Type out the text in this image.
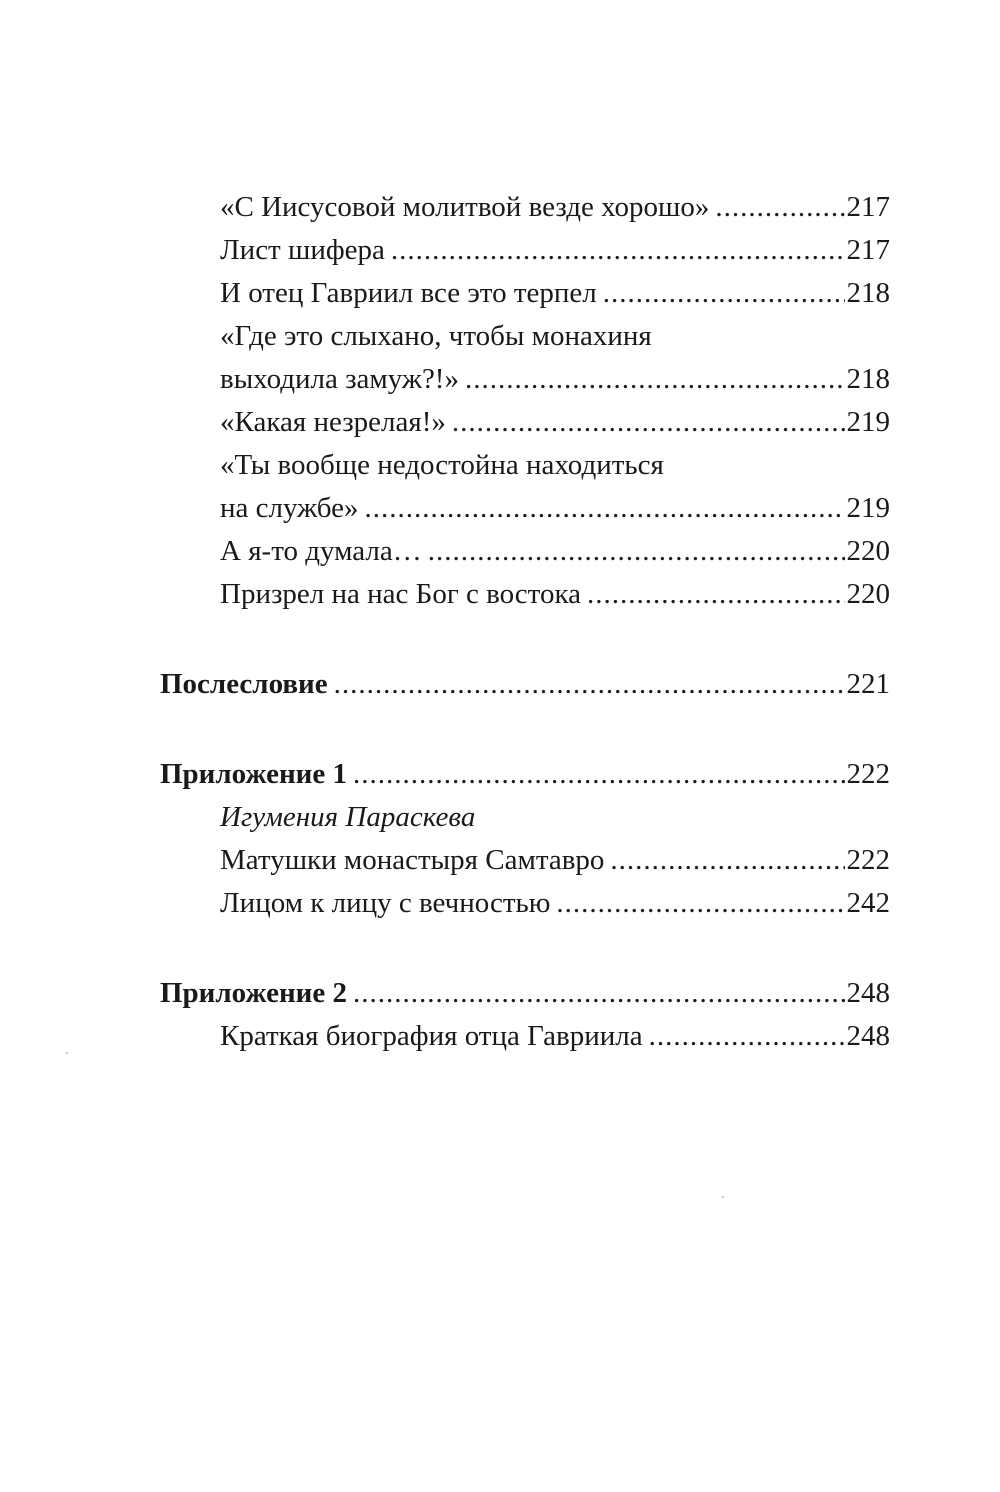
«С Иисусовой молитвой везде хорошо» .....	217
Лист шифера .....	217
И отец Гавриил все это терпел .....	218
«Где это слыхано, чтобы монахиня
выходила замуж?!» .....	218
«Какая незрелая!» .....	219
«Ты вообще недостойна находиться
на службе» .....	219
А я-то думала… .....	220
Призрел на нас Бог с востока .....	220
Послесловие .....	221
Приложение 1 .....	222
Игумения Параскева
Матушки монастыря Самтавро .....	222
Лицом к лицу с вечностью .....	242
Приложение 2 .....	248
Краткая биография отца Гавриила .....	248
